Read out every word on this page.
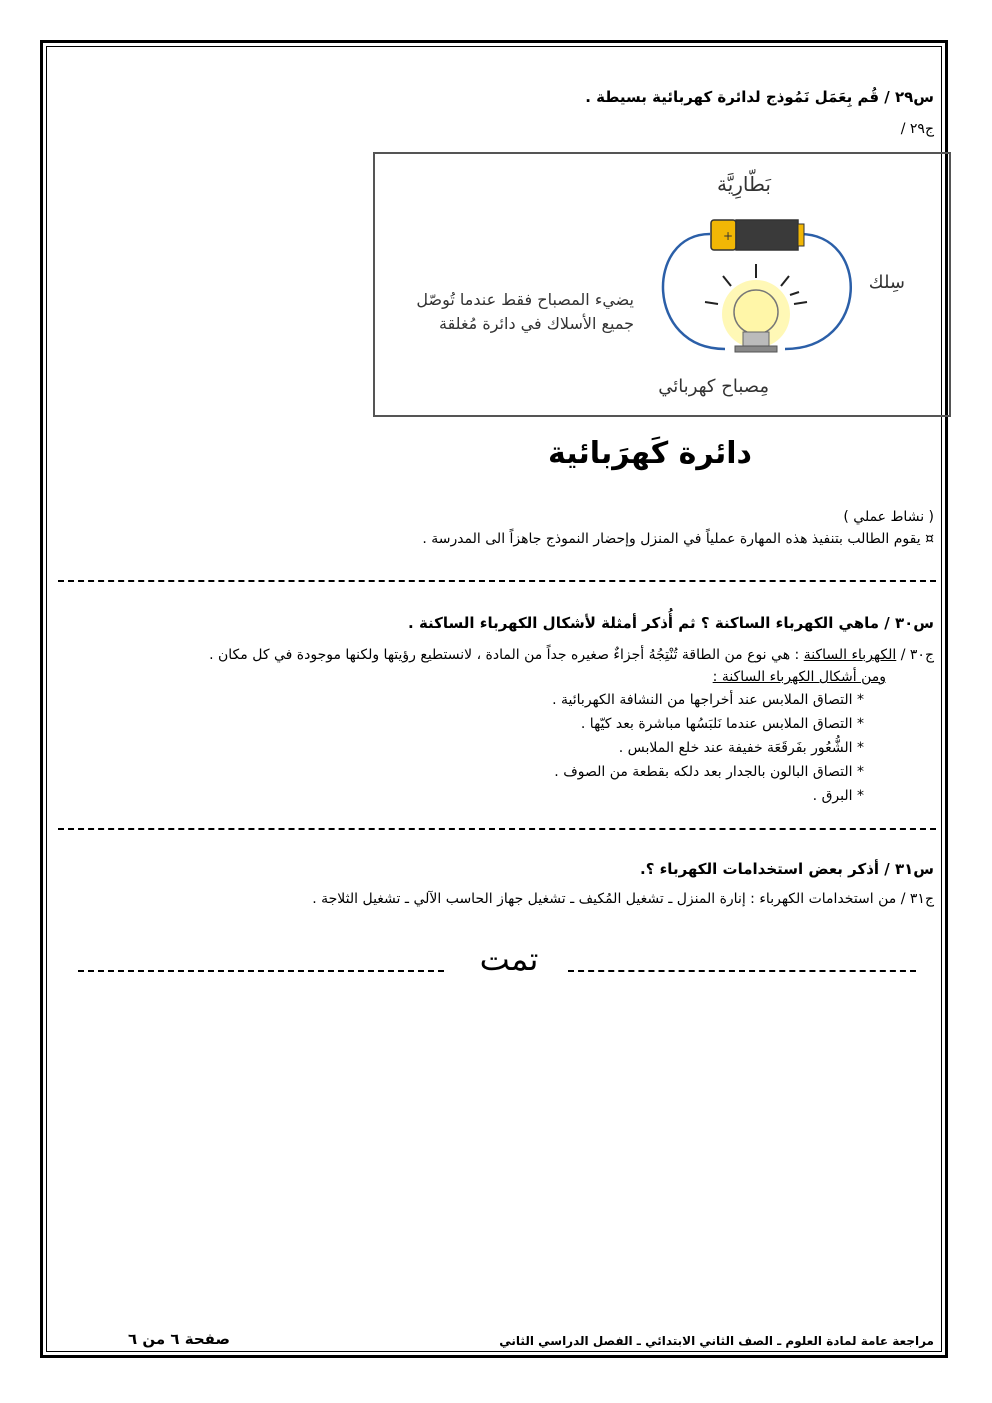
س٢٩ / قُم بِعَمَل نَمُوذج لدائرة كهربائية بسيطة .
ج٢٩ /
+
بَطّارِيَّة
سِلك
مِصباح كهربائي
يضيء المصباح فقط عندما تُوصّل
جميع الأسلاك في دائرة مُغلقة
دائرة كَهرَبائية
( نشاط عملي )
¤ يقوم الطالب بتنفيذ هذه المهارة عملياً في المنزل وإحضار النموذج جاهزاً الى المدرسة .
س٣٠ / ماهي الكهرباء الساكنة ؟ ثم أُذكر أمثلة لأشكال الكهرباء الساكنة .
ج٣٠ / الكهرباء الساكنة : هي نوع من الطاقة تُنْتِجُهُ أجزاءٌ صغيره جداً من المادة ، لانستطيع رؤيتها ولكنها موجودة في كل مكان .
ومن أشكال الكهرباء الساكنة :
* التصاق الملابس عند أخراجها من النشافة الكهربائية .
* التصاق الملابس عندما نَلبَسُها مباشرة بعد كيّها .
* الشُّعُور بفَرقَعَة خفيفة عند خلع الملابس .
* التصاق البالون بالجدار بعد دلكه بقطعة من الصوف .
* البرق .
س٣١ / أذكر بعض استخدامات الكهرباء ؟.
ج٣١ / من استخدامات الكهرباء : إنارة المنزل ـ تشغيل المُكيف ـ تشغيل جهاز الحاسب الآلي ـ تشغيل الثلاجة .
تمت
صفحة ٦ من ٦	مراجعة عامة لمادة العلوم ـ الصف الثاني الابتدائي ـ الفصل الدراسي الثاني
